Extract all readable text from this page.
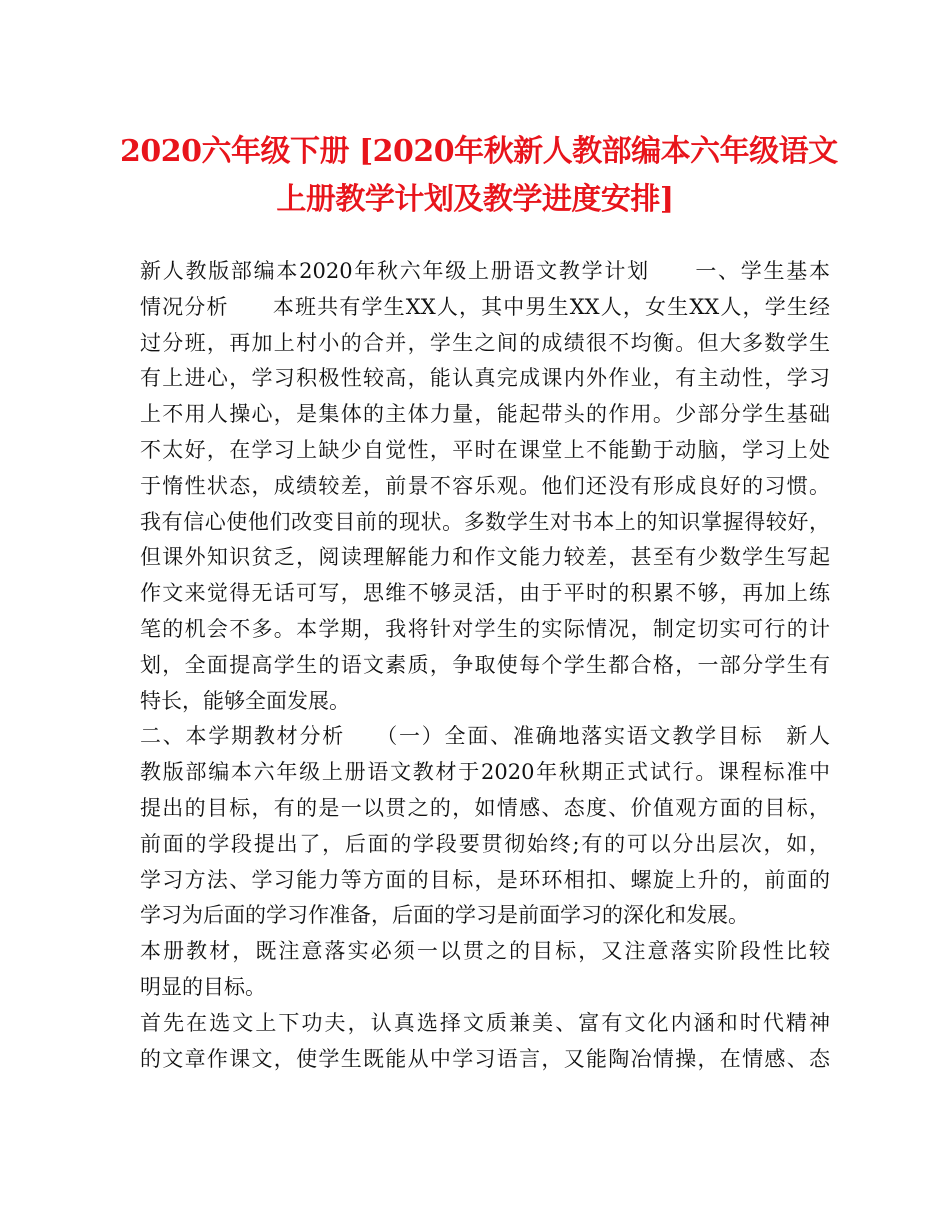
2020六年级下册 [2020年秋新人教部编本六年级语文
上册教学计划及教学进度安排]
新人教版部编本2020年秋六年级上册语文教学计划　　一、学生基本
情况分析　　本班共有学生XX人，其中男生XX人，女生XX人，学生经
过分班，再加上村小的合并，学生之间的成绩很不均衡。但大多数学生
有上进心，学习积极性较高，能认真完成课内外作业，有主动性，学习
上不用人操心，是集体的主体力量，能起带头的作用。少部分学生基础
不太好，在学习上缺少自觉性，平时在课堂上不能勤于动脑，学习上处
于惰性状态，成绩较差，前景不容乐观。他们还没有形成良好的习惯。
我有信心使他们改变目前的现状。多数学生对书本上的知识掌握得较好，
但课外知识贫乏，阅读理解能力和作文能力较差，甚至有少数学生写起
作文来觉得无话可写，思维不够灵活，由于平时的积累不够，再加上练
笔的机会不多。本学期，我将针对学生的实际情况，制定切实可行的计
划，全面提高学生的语文素质，争取使每个学生都合格，一部分学生有
特长，能够全面发展。
二、本学期教材分析　 （一）全面、准确地落实语文教学目标　新人
教版部编本六年级上册语文教材于2020年秋期正式试行。课程标准中
提出的目标，有的是一以贯之的，如情感、态度、价值观方面的目标，
前面的学段提出了，后面的学段要贯彻始终;有的可以分出层次，如，
学习方法、学习能力等方面的目标，是环环相扣、螺旋上升的，前面的
学习为后面的学习作准备，后面的学习是前面学习的深化和发展。
本册教材，既注意落实必须一以贯之的目标，又注意落实阶段性比较
明显的目标。
首先在选文上下功夫，认真选择文质兼美、富有文化内涵和时代精神
的文章作课文，使学生既能从中学习语言，又能陶冶情操，在情感、态
